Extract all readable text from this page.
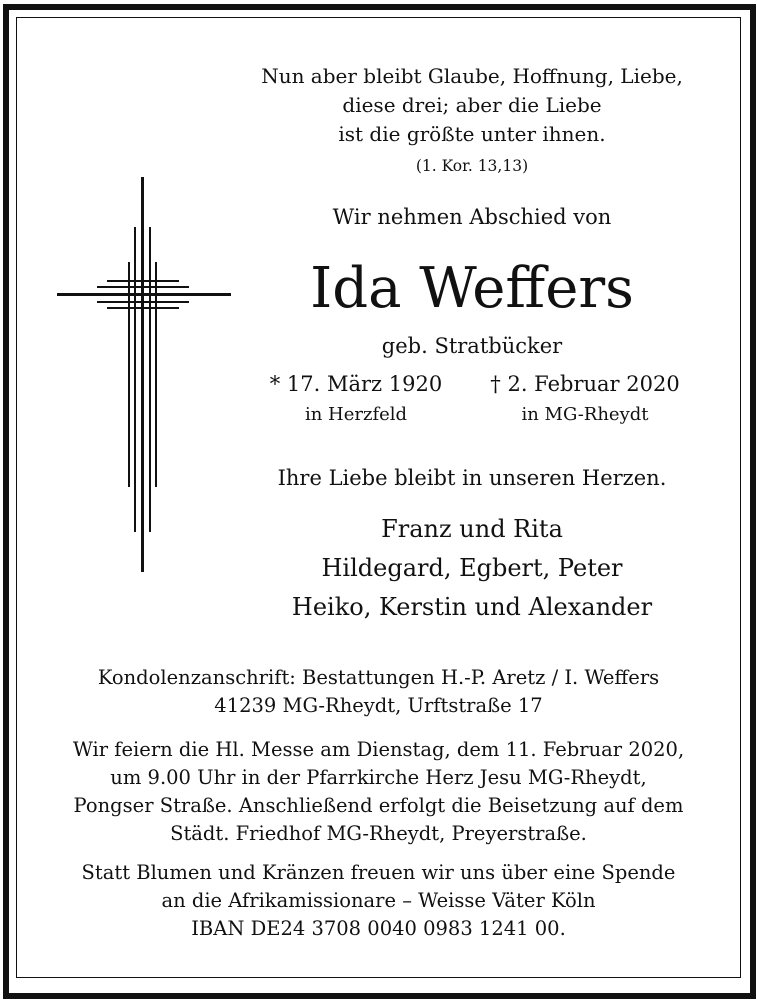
Nun aber bleibt Glaube, Hoffnung, Liebe,
diese drei; aber die Liebe
ist die größte unter ihnen.
(1. Kor. 13,13)
Wir nehmen Abschied von
Ida Weffers
geb. Stratbücker
* 17. März 1920
in Herzfeld
† 2. Februar 2020
in MG-Rheydt
Ihre Liebe bleibt in unseren Herzen.
Franz und Rita
Hildegard, Egbert, Peter
Heiko, Kerstin und Alexander
Kondolenzanschrift: Bestattungen H.-P. Aretz / I. Weffers
41239 MG-Rheydt, Urftstraße 17
Wir feiern die Hl. Messe am Dienstag, dem 11. Februar 2020,
um 9.00 Uhr in der Pfarrkirche Herz Jesu MG-Rheydt,
Pongser Straße. Anschließend erfolgt die Beisetzung auf dem
Städt. Friedhof MG-Rheydt, Preyerstraße.
Statt Blumen und Kränzen freuen wir uns über eine Spende
an die Afrikamissionare – Weisse Väter Köln
IBAN DE24 3708 0040 0983 1241 00.
